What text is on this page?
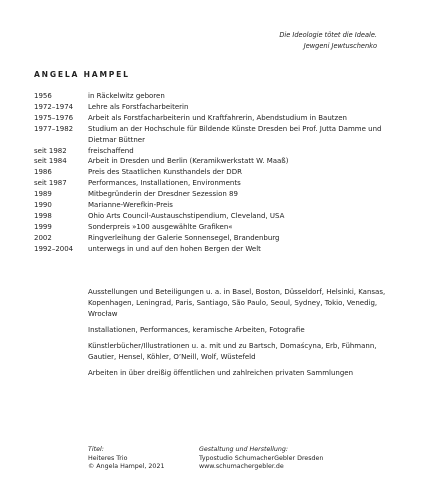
Die Ideologie tötet die Ideale.
Jewgeni Jewtuschenko
ANGELA HAMPEL
1956	in Räckelwitz geboren
1972–1974	Lehre als Forstfacharbeiterin
1975–1976	Arbeit als Forstfacharbeiterin und Kraftfahrerin, Abendstudium in Bautzen
1977–1982	Studium an der Hochschule für Bildende Künste Dresden bei Prof. Jutta Damme und Dietmar Büttner
seit 1982	freischaffend
seit 1984	Arbeit in Dresden und Berlin (Keramikwerkstatt W. Maaß)
1986	Preis des Staatlichen Kunsthandels der DDR
seit 1987	Performances, Installationen, Environments
1989	Mitbegründerin der Dresdner Sezession 89
1990	Marianne-Werefkin-Preis
1998	Ohio Arts Council-Austauschstipendium, Cleveland, USA
1999	Sonderpreis »100 ausgewählte Grafiken«
2002	Ringverleihung der Galerie Sonnensegel, Brandenburg
1992–2004	unterwegs in und auf den hohen Bergen der Welt
Ausstellungen und Beteiligungen u. a. in Basel, Boston, Düsseldorf, Helsinki, Kansas, Kopenhagen, Leningrad, Paris, Santiago, São Paulo, Seoul, Sydney, Tokio, Venedig, Wrocław
Installationen, Performances, keramische Arbeiten, Fotografie
Künstlerbücher/Illustrationen u. a. mit und zu Bartsch, Domaścyna, Erb, Fühmann, Gautier, Hensel, Köhler, O’Neill, Wolf, Wüstefeld
Arbeiten in über dreißig öffentlichen und zahlreichen privaten Sammlungen
Titel:
Heiteres Trio
© Angela Hampel, 2021
Gestaltung und Herstellung:
Typostudio SchumacherGebler Dresden
www.schumachergebler.de
